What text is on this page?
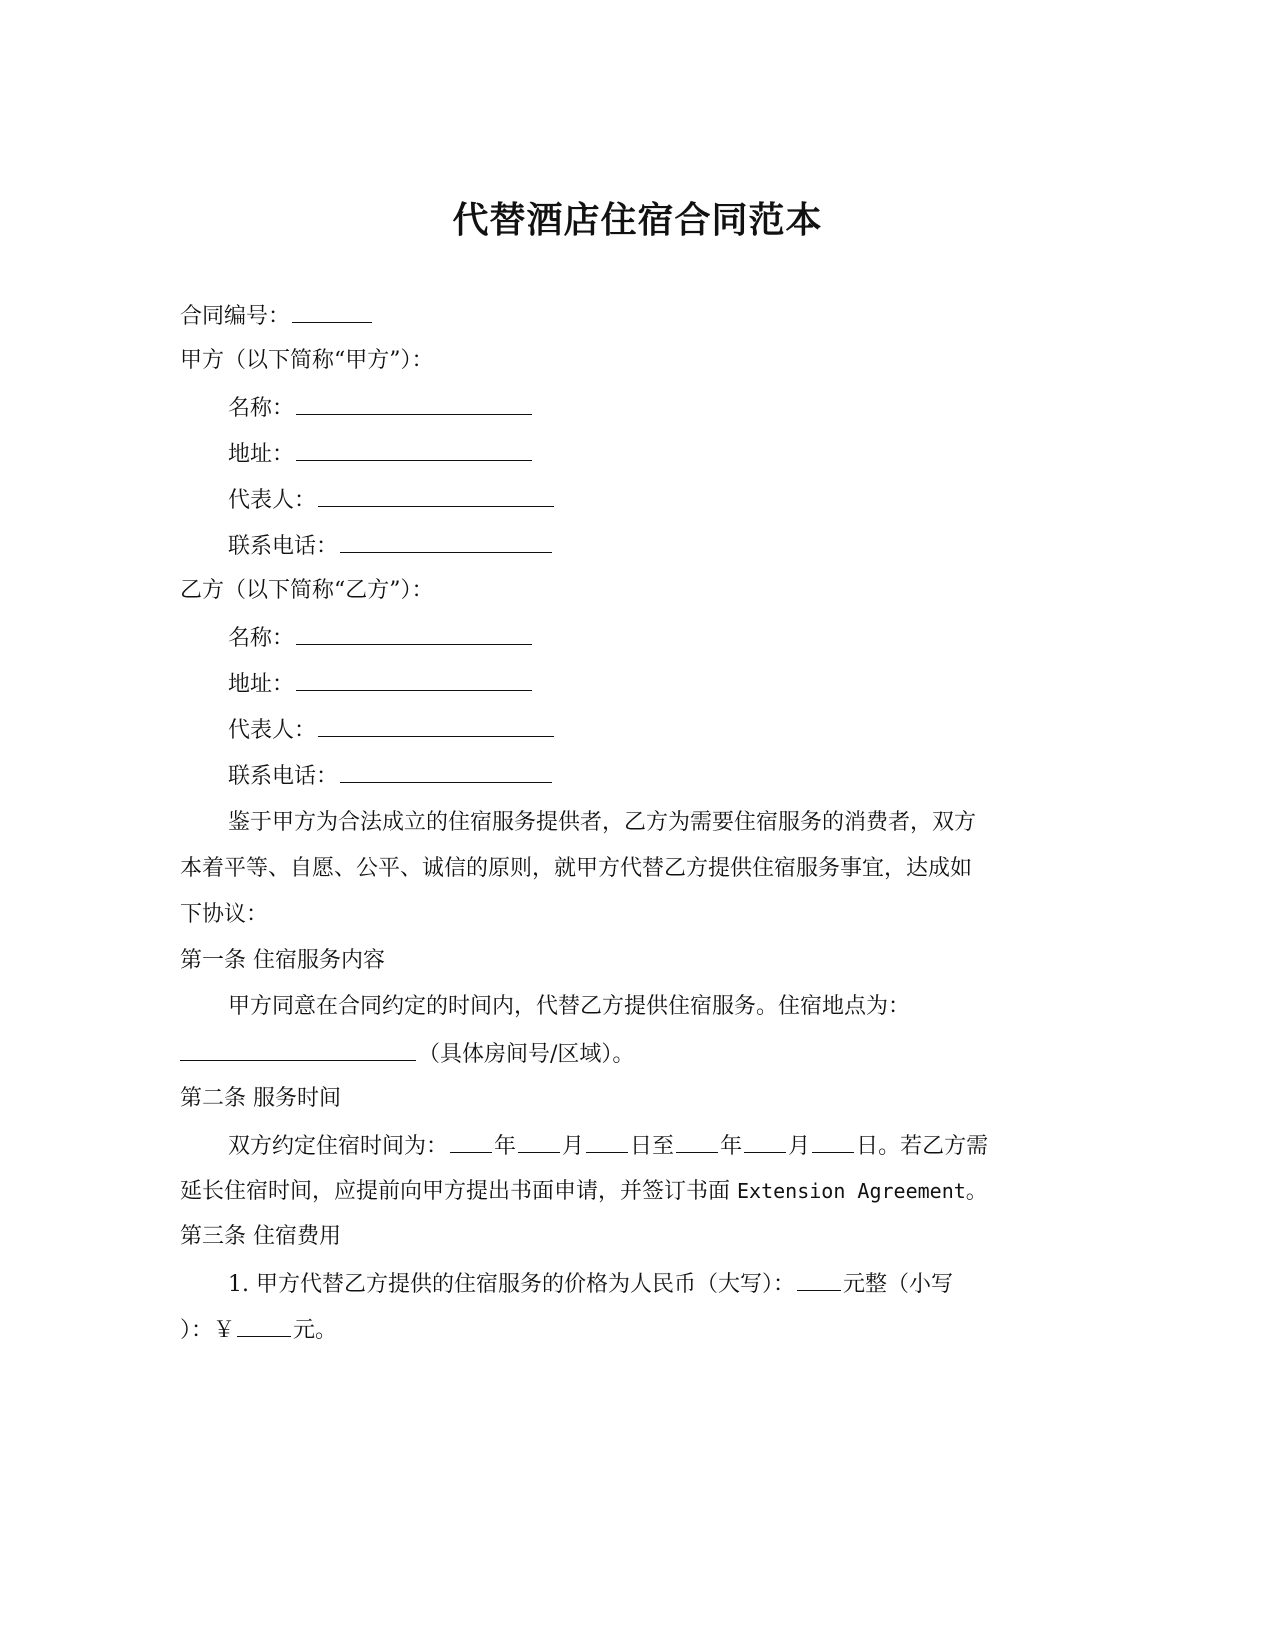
代替酒店住宿合同范本
合同编号：
甲方（以下简称“甲方”）：
名称：
地址：
代表人：
联系电话：
乙方（以下简称“乙方”）：
名称：
地址：
代表人：
联系电话：
鉴于甲方为合法成立的住宿服务提供者，乙方为需要住宿服务的消费者，双方
本着平等、自愿、公平、诚信的原则，就甲方代替乙方提供住宿服务事宜，达成如
下协议：
第一条 住宿服务内容
甲方同意在合同约定的时间内，代替乙方提供住宿服务。住宿地点为：
（具体房间号/区域）。
第二条 服务时间
双方约定住宿时间为： 年 月 日至 年 月 日。若乙方需
延长住宿时间，应提前向甲方提出书面申请，并签订书面 Extension Agreement。
第三条 住宿费用
1. 甲方代替乙方提供的住宿服务的价格为人民币（大写）： 元整（小写
）：￥	元。
